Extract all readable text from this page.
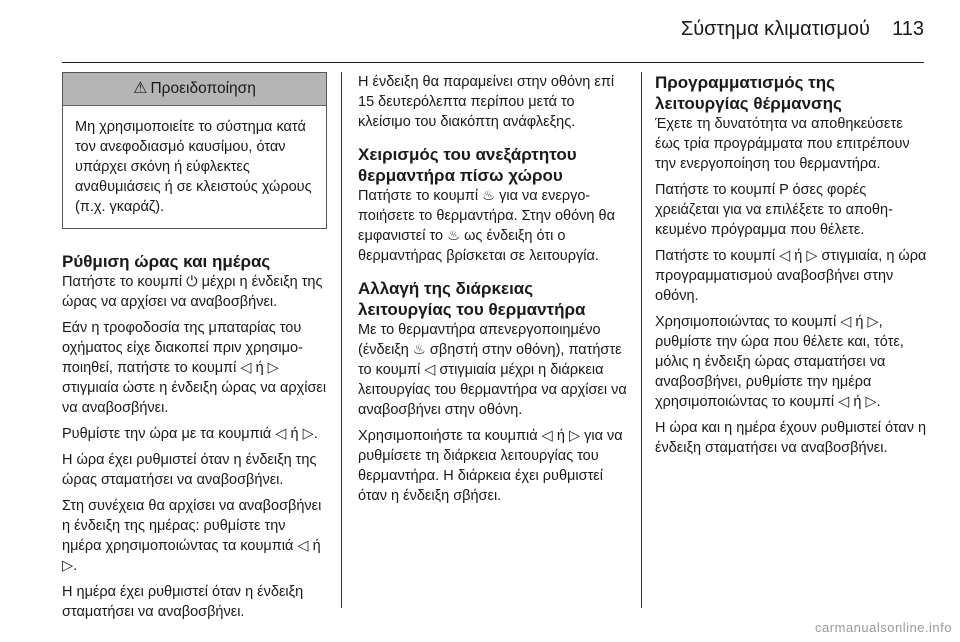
Σύστημα κλιματισμού	113
⚠ Προειδοποίηση
Μη χρησιμοποιείτε το σύστημα κατά τον ανεφοδιασμό καυσίμου, όταν υπάρχει σκόνη ή εύφλεκτες αναθυμιάσεις ή σε κλειστούς χώρους (π.χ. γκαράζ).
Ρύθμιση ώρας και ημέρας

Πατήστε το κουμπί ⏻ μέχρι η ένδειξη της ώρας να αρχίσει να αναβοσβήνει.

Εάν η τροφοδοσία της μπαταρίας του οχήματος είχε διακοπεί πριν χρησιμοποιηθεί, πατήστε το κουμπί ◁ ή ▷ στιγμιαία ώστε η ένδειξη ώρας να αρχίσει να αναβοσβήνει.

Ρυθμίστε την ώρα με τα κουμπιά ◁ ή ▷.

Η ώρα έχει ρυθμιστεί όταν η ένδειξη της ώρας σταματήσει να αναβοσβήνει.

Στη συνέχεια θα αρχίσει να αναβοσβήνει η ένδειξη της ημέρας: ρυθμίστε την ημέρα χρησιμοποιώντας τα κουμπιά ◁ ή ▷.

Η ημέρα έχει ρυθμιστεί όταν η ένδειξη σταματήσει να αναβοσβήνει.

Η ένδειξη θα παραμείνει στην οθόνη επί 15 δευτερόλεπτα περίπου μετά το κλείσιμο του διακόπτη ανάφλεξης.

Χειρισμός του ανεξάρτητου θερμαντήρα πίσω χώρου

Πατήστε το κουμπί ♨ για να ενεργοποιήσετε το θερμαντήρα. Στην οθόνη θα εμφανιστεί το ♨ ως ένδειξη ότι ο θερμαντήρας βρίσκεται σε λειτουργία.

Αλλαγή της διάρκειας λειτουργίας του θερμαντήρα

Με το θερμαντήρα απενεργοποιημένο (ένδειξη ♨ σβηστή στην οθόνη), πατήστε το κουμπί ◁ στιγμιαία μέχρι η διάρκεια λειτουργίας του θερμαντήρα να αρχίσει να αναβοσβήνει στην οθόνη.

Χρησιμοποιήστε τα κουμπιά ◁ ή ▷ για να ρυθμίσετε τη διάρκεια λειτουργίας του θερμαντήρα. Η διάρκεια έχει ρυθμιστεί όταν η ένδειξη σβήσει.

Προγραμματισμός της λειτουργίας θέρμανσης

Έχετε τη δυνατότητα να αποθηκεύσετε έως τρία προγράμματα που επιτρέπουν την ενεργοποίηση του θερμαντήρα.

Πατήστε το κουμπί P όσες φορές χρειάζεται για να επιλέξετε το αποθηκευμένο πρόγραμμα που θέλετε.

Πατήστε το κουμπί ◁ ή ▷ στιγμιαία, η ώρα προγραμματισμού αναβοσβήνει στην οθόνη.

Χρησιμοποιώντας το κουμπί ◁ ή ▷, ρυθμίστε την ώρα που θέλετε και, τότε, μόλις η ένδειξη ώρας σταματήσει να αναβοσβήνει, ρυθμίστε την ημέρα χρησιμοποιώντας το κουμπί ◁ ή ▷.

Η ώρα και η ημέρα έχουν ρυθμιστεί όταν η ένδειξη σταματήσει να αναβοσβήνει.

carmanualsonline.info
